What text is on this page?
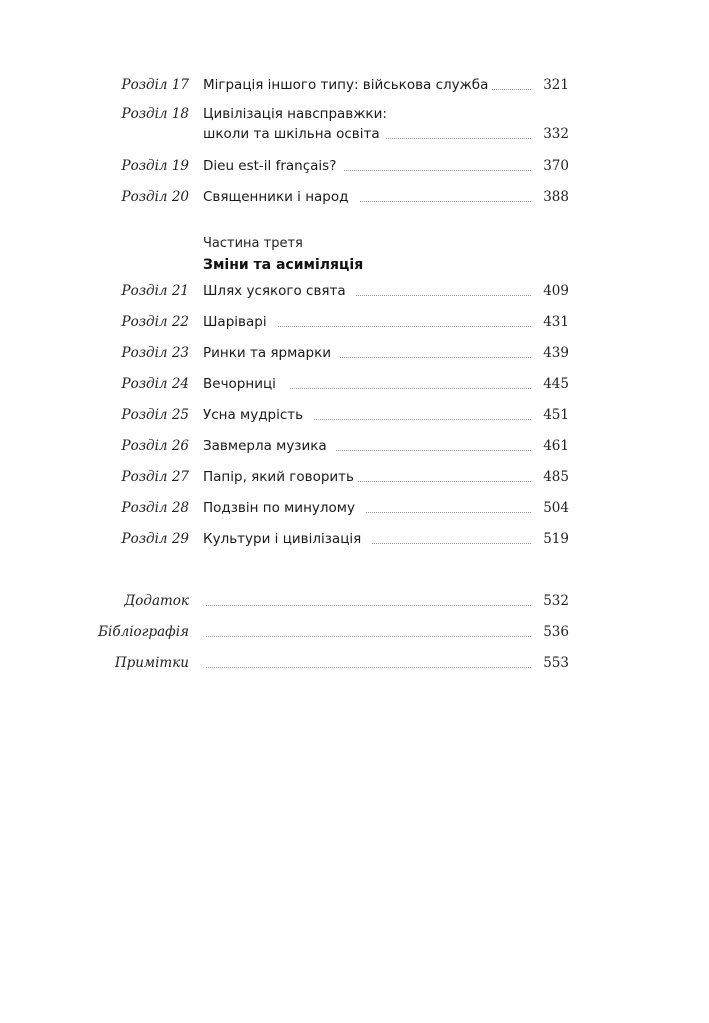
Розділ 17 Міграція іншого типу: військова служба	321
Розділ 18 Цивілізація навсправжки:
школи та шкільна освіта	332
Розділ 19 Dieu est-il français?	370
Розділ 20 Священники і народ	388
Частина третя
Зміни та асиміляція
Розділ 21 Шлях усякого свята	409
Розділ 22 Шаріварі	431
Розділ 23 Ринки та ярмарки	439
Розділ 24 Вечорниці	445
Розділ 25 Усна мудрість	451
Розділ 26 Завмерла музика	461
Розділ 27 Папір, який говорить	485
Розділ 28 Подзвін по минулому	504
Розділ 29 Культури і цивілізація	519
Додаток	532
Бібліографія	536
Примітки	553
